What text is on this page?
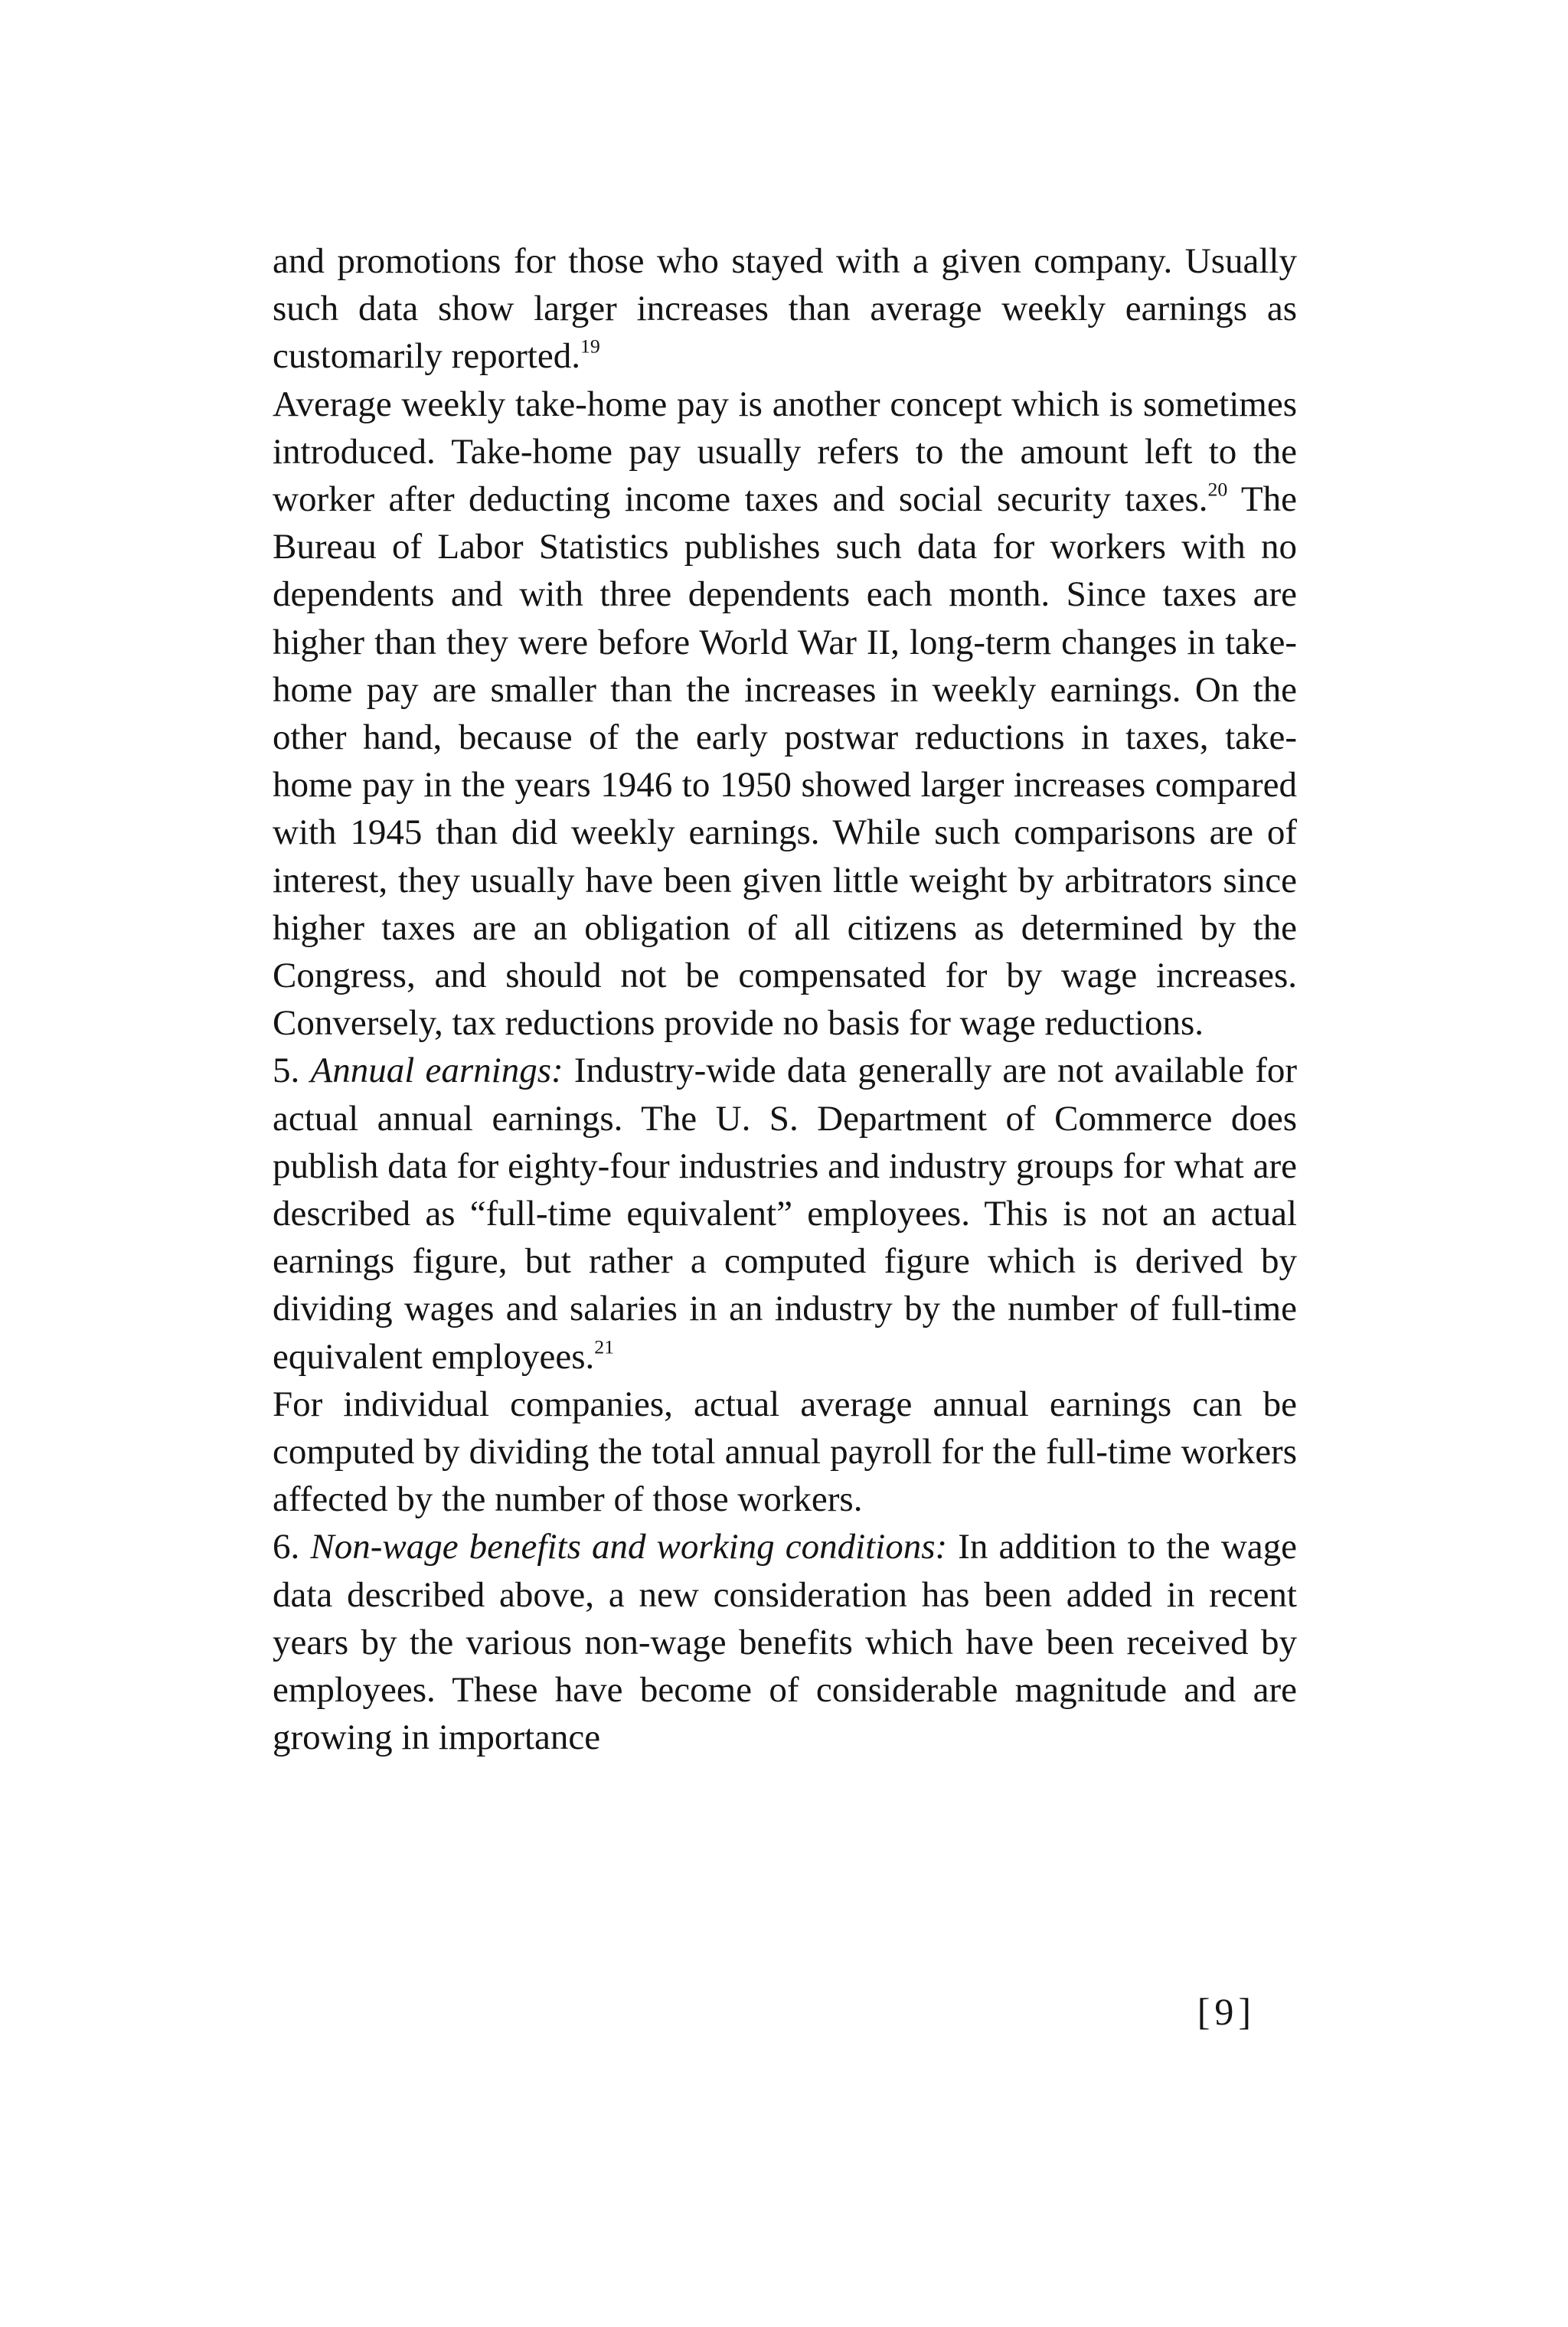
and promotions for those who stayed with a given company. Usually such data show larger increases than average weekly earnings as customarily reported.$^{19}$

Average weekly take-home pay is another concept which is sometimes introduced. Take-home pay usually refers to the amount left to the worker after deducting income taxes and social security taxes.$^{20}$ The Bureau of Labor Statistics publishes such data for workers with no dependents and with three dependents each month. Since taxes are higher than they were before World War II, long-term changes in take-home pay are smaller than the increases in weekly earnings. On the other hand, because of the early postwar reductions in taxes, take-home pay in the years 1946 to 1950 showed larger increases compared with 1945 than did weekly earnings. While such comparisons are of interest, they usually have been given little weight by arbitrators since higher taxes are an obligation of all citizens as determined by the Congress, and should not be compensated for by wage increases. Conversely, tax reductions provide no basis for wage reductions.

5. Annual earnings: Industry-wide data generally are not available for actual annual earnings. The U. S. Department of Commerce does publish data for eighty-four industries and industry groups for what are described as “full-time equivalent” employees. This is not an actual earnings figure, but rather a computed figure which is derived by dividing wages and salaries in an industry by the number of full-time equivalent employees.$^{21}$

For individual companies, actual average annual earnings can be computed by dividing the total annual payroll for the full-time workers affected by the number of those workers.

6. Non-wage benefits and working conditions: In addition to the wage data described above, a new consideration has been added in recent years by the various non-wage benefits which have been received by employees. These have become of considerable magnitude and are growing in importance

[9]
